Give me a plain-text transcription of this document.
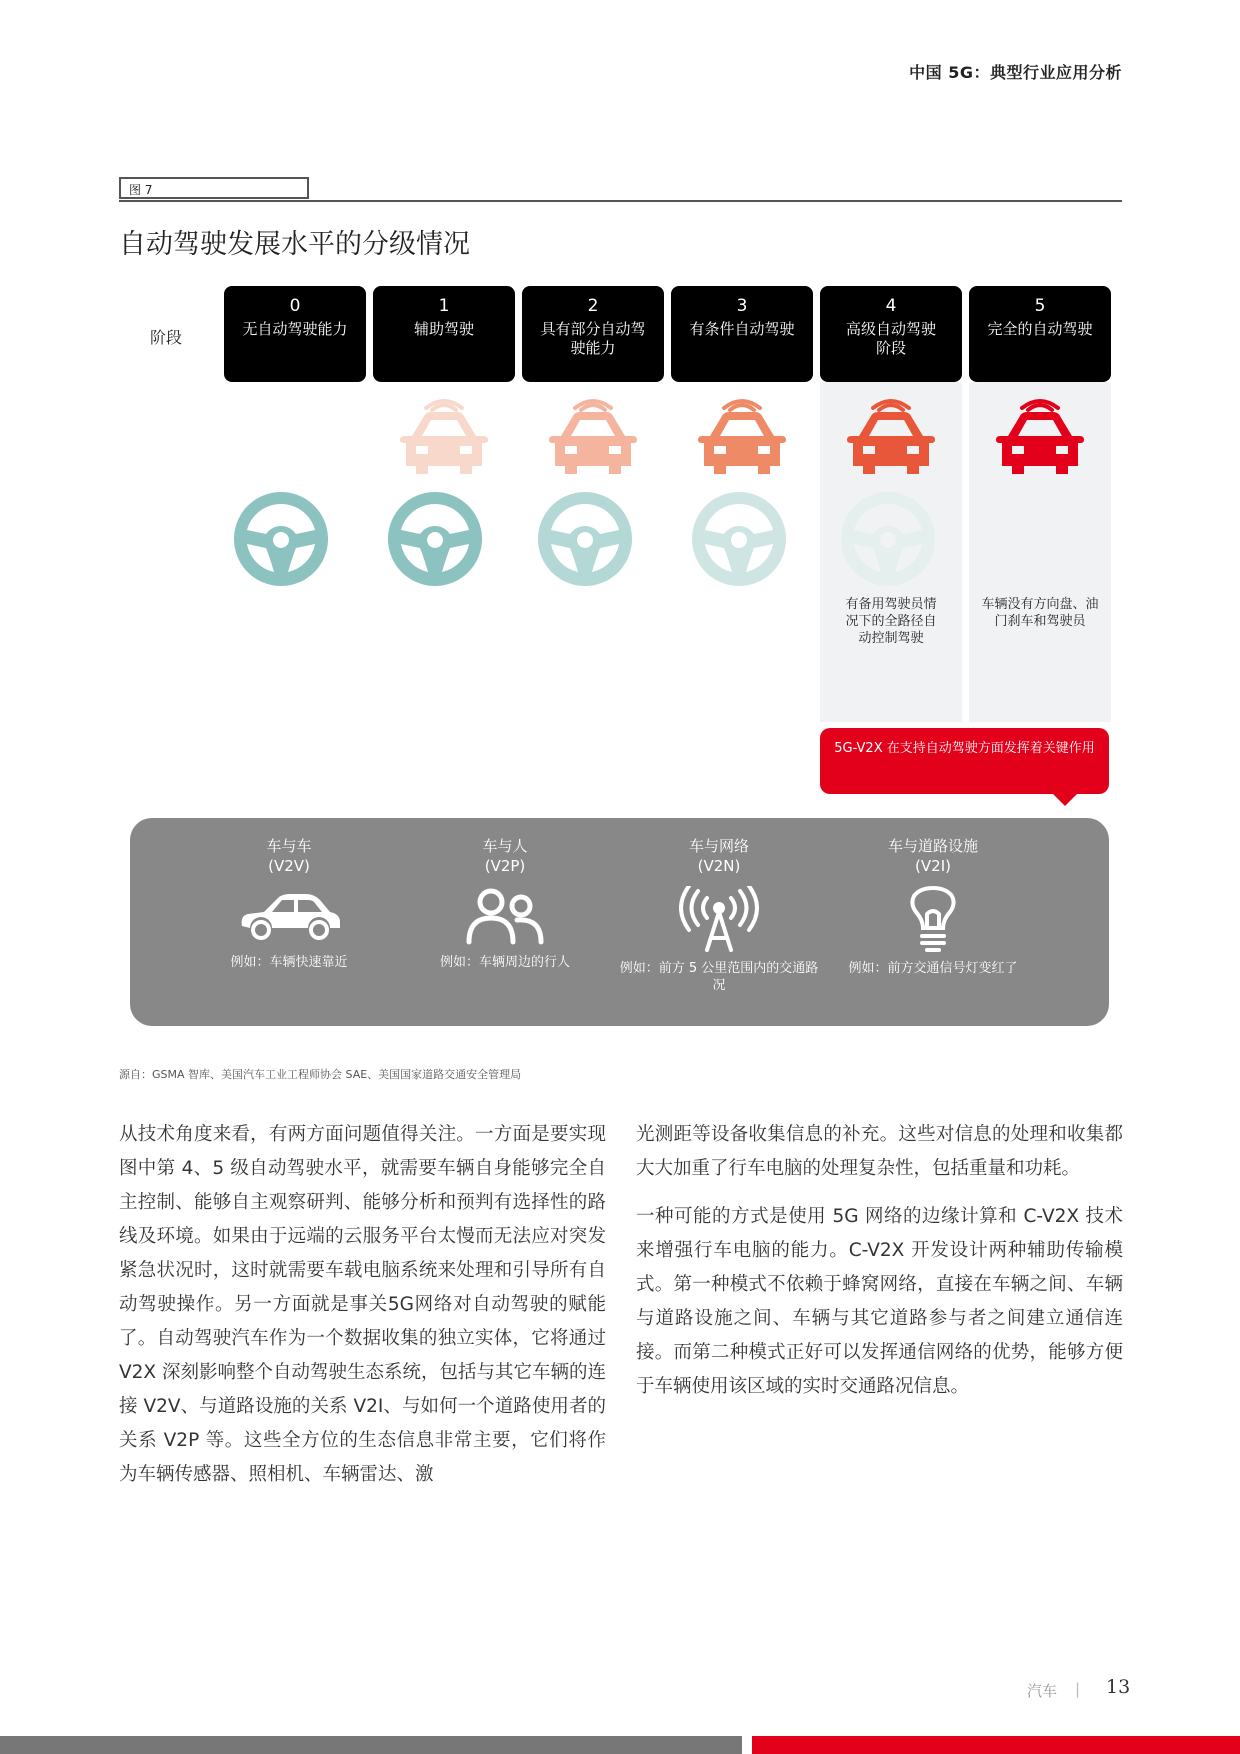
中国 5G：典型行业应用分析
图 7
自动驾驶发展水平的分级情况
阶段
0
无自动驾驶能力
1
辅助驾驶
2
具有部分自动驾驶能力
3
有条件自动驾驶
4
高级自动驾驶阶段
5
完全的自动驾驶
有备用驾驶员情况下的全路径自动控制驾驶
车辆没有方向盘、油门刹车和驾驶员
5G-V2X 在支持自动驾驶方面发挥着关键作用
车与车
(V2V)
例如：车辆快速靠近
车与人
(V2P)
例如：车辆周边的行人
车与网络
(V2N)
例如：前方 5 公里范围内的交通路况
车与道路设施
(V2I)
例如：前方交通信号灯变红了
源自：GSMA 智库、美国汽车工业工程师协会 SAE、美国国家道路交通安全管理局

从技术角度来看，有两方面问题值得关注。一方面是要实现图中第 4、5 级自动驾驶水平，就需要车辆自身能够完全自主控制、能够自主观察研判、能够分析和预判有选择性的路线及环境。如果由于远端的云服务平台太慢而无法应对突发紧急状况时，这时就需要车载电脑系统来处理和引导所有自动驾驶操作。另一方面就是事关5G网络对自动驾驶的赋能了。自动驾驶汽车作为一个数据收集的独立实体，它将通过 V2X 深刻影响整个自动驾驶生态系统，包括与其它车辆的连接 V2V、与道路设施的关系 V2I、与如何一个道路使用者的关系 V2P 等。这些全方位的生态信息非常主要，它们将作为车辆传感器、照相机、车辆雷达、激

光测距等设备收集信息的补充。这些对信息的处理和收集都大大加重了行车电脑的处理复杂性，包括重量和功耗。

一种可能的方式是使用 5G 网络的边缘计算和 C-V2X 技术来增强行车电脑的能力。C-V2X 开发设计两种辅助传输模式。第一种模式不依赖于蜂窝网络，直接在车辆之间、车辆与道路设施之间、车辆与其它道路参与者之间建立通信连接。而第二种模式正好可以发挥通信网络的优势，能够方便于车辆使用该区域的实时交通路况信息。

汽车 | 13
